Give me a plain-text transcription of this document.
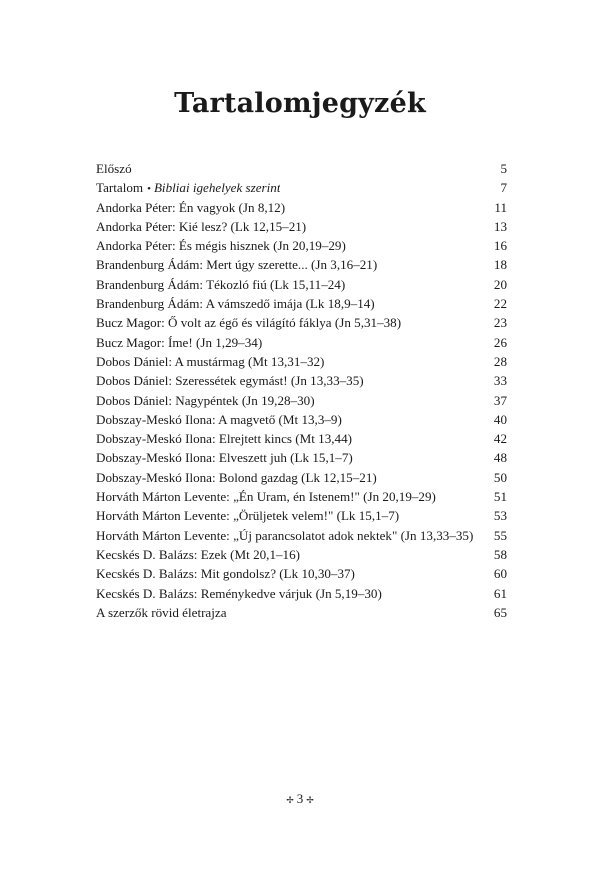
Tartalomjegyzék
Előszó	5
Tartalom • Bibliai igehelyek szerint	7
Andorka Péter: Én vagyok (Jn 8,12)	11
Andorka Péter: Kié lesz? (Lk 12,15–21)	13
Andorka Péter: És mégis hisznek (Jn 20,19–29)	16
Brandenburg Ádám: Mert úgy szerette... (Jn 3,16–21)	18
Brandenburg Ádám: Tékozló fiú (Lk 15,11–24)	20
Brandenburg Ádám: A vámszedő imája (Lk 18,9–14)	22
Bucz Magor: Ő volt az égő és világító fáklya (Jn 5,31–38)	23
Bucz Magor: Íme! (Jn 1,29–34)	26
Dobos Dániel: A mustármag (Mt 13,31–32)	28
Dobos Dániel: Szeressétek egymást! (Jn 13,33–35)	33
Dobos Dániel: Nagypéntek (Jn 19,28–30)	37
Dobszay-Meskó Ilona: A magvető (Mt 13,3–9)	40
Dobszay-Meskó Ilona: Elrejtett kincs (Mt 13,44)	42
Dobszay-Meskó Ilona: Elveszett juh (Lk 15,1–7)	48
Dobszay-Meskó Ilona: Bolond gazdag (Lk 12,15–21)	50
Horváth Márton Levente: „Én Uram, én Istenem!" (Jn 20,19–29)	51
Horváth Márton Levente: „Örüljetek velem!" (Lk 15,1–7)	53
Horváth Márton Levente: „Új parancsolatot adok nektek" (Jn 13,33–35)	55
Kecskés D. Balázs: Ezek (Mt 20,1–16)	58
Kecskés D. Balázs: Mit gondolsz? (Lk 10,30–37)	60
Kecskés D. Balázs: Reménykedve várjuk (Jn 5,19–30)	61
A szerzők rövid életrajza	65
✢ 3 ✢
